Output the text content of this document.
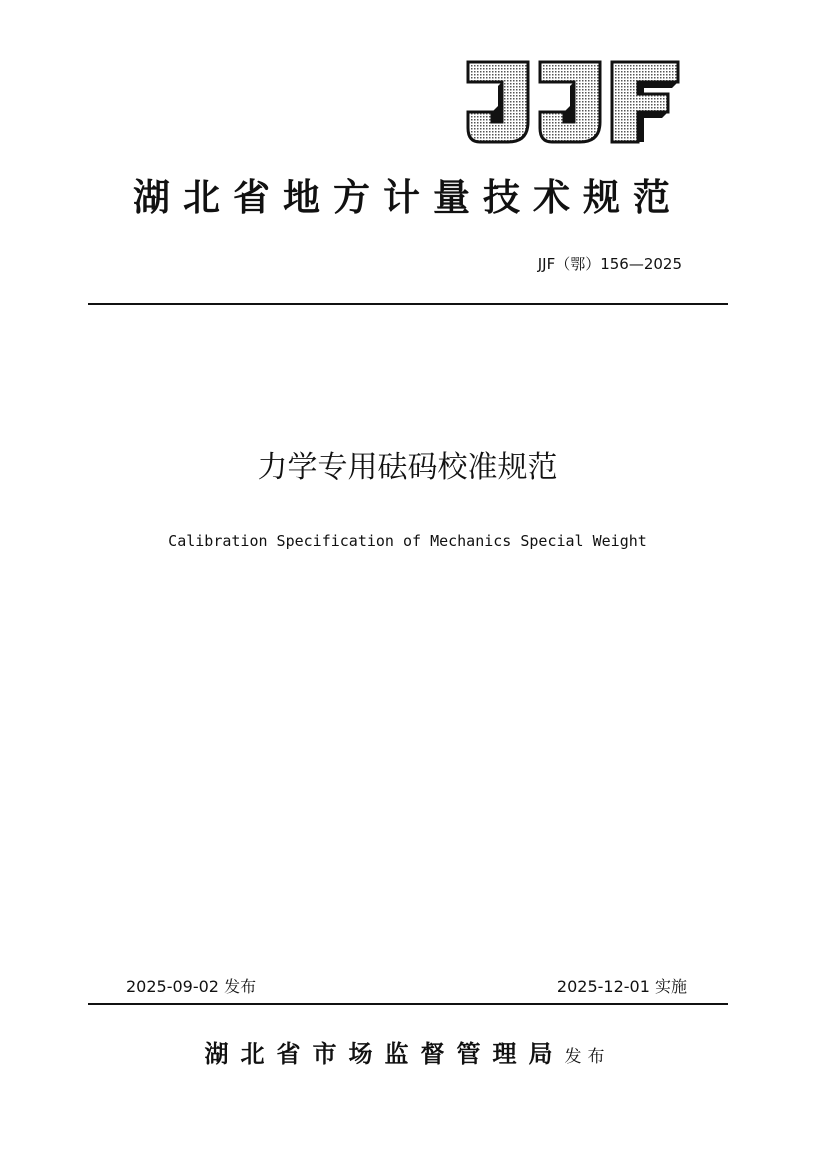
湖北省地方计量技术规范
JJF（鄂）156—2025
力学专用砝码校准规范
Calibration Specification of Mechanics Special Weight
2025-09-02 发布	2025-12-01 实施
湖北省市场监督管理局发布
